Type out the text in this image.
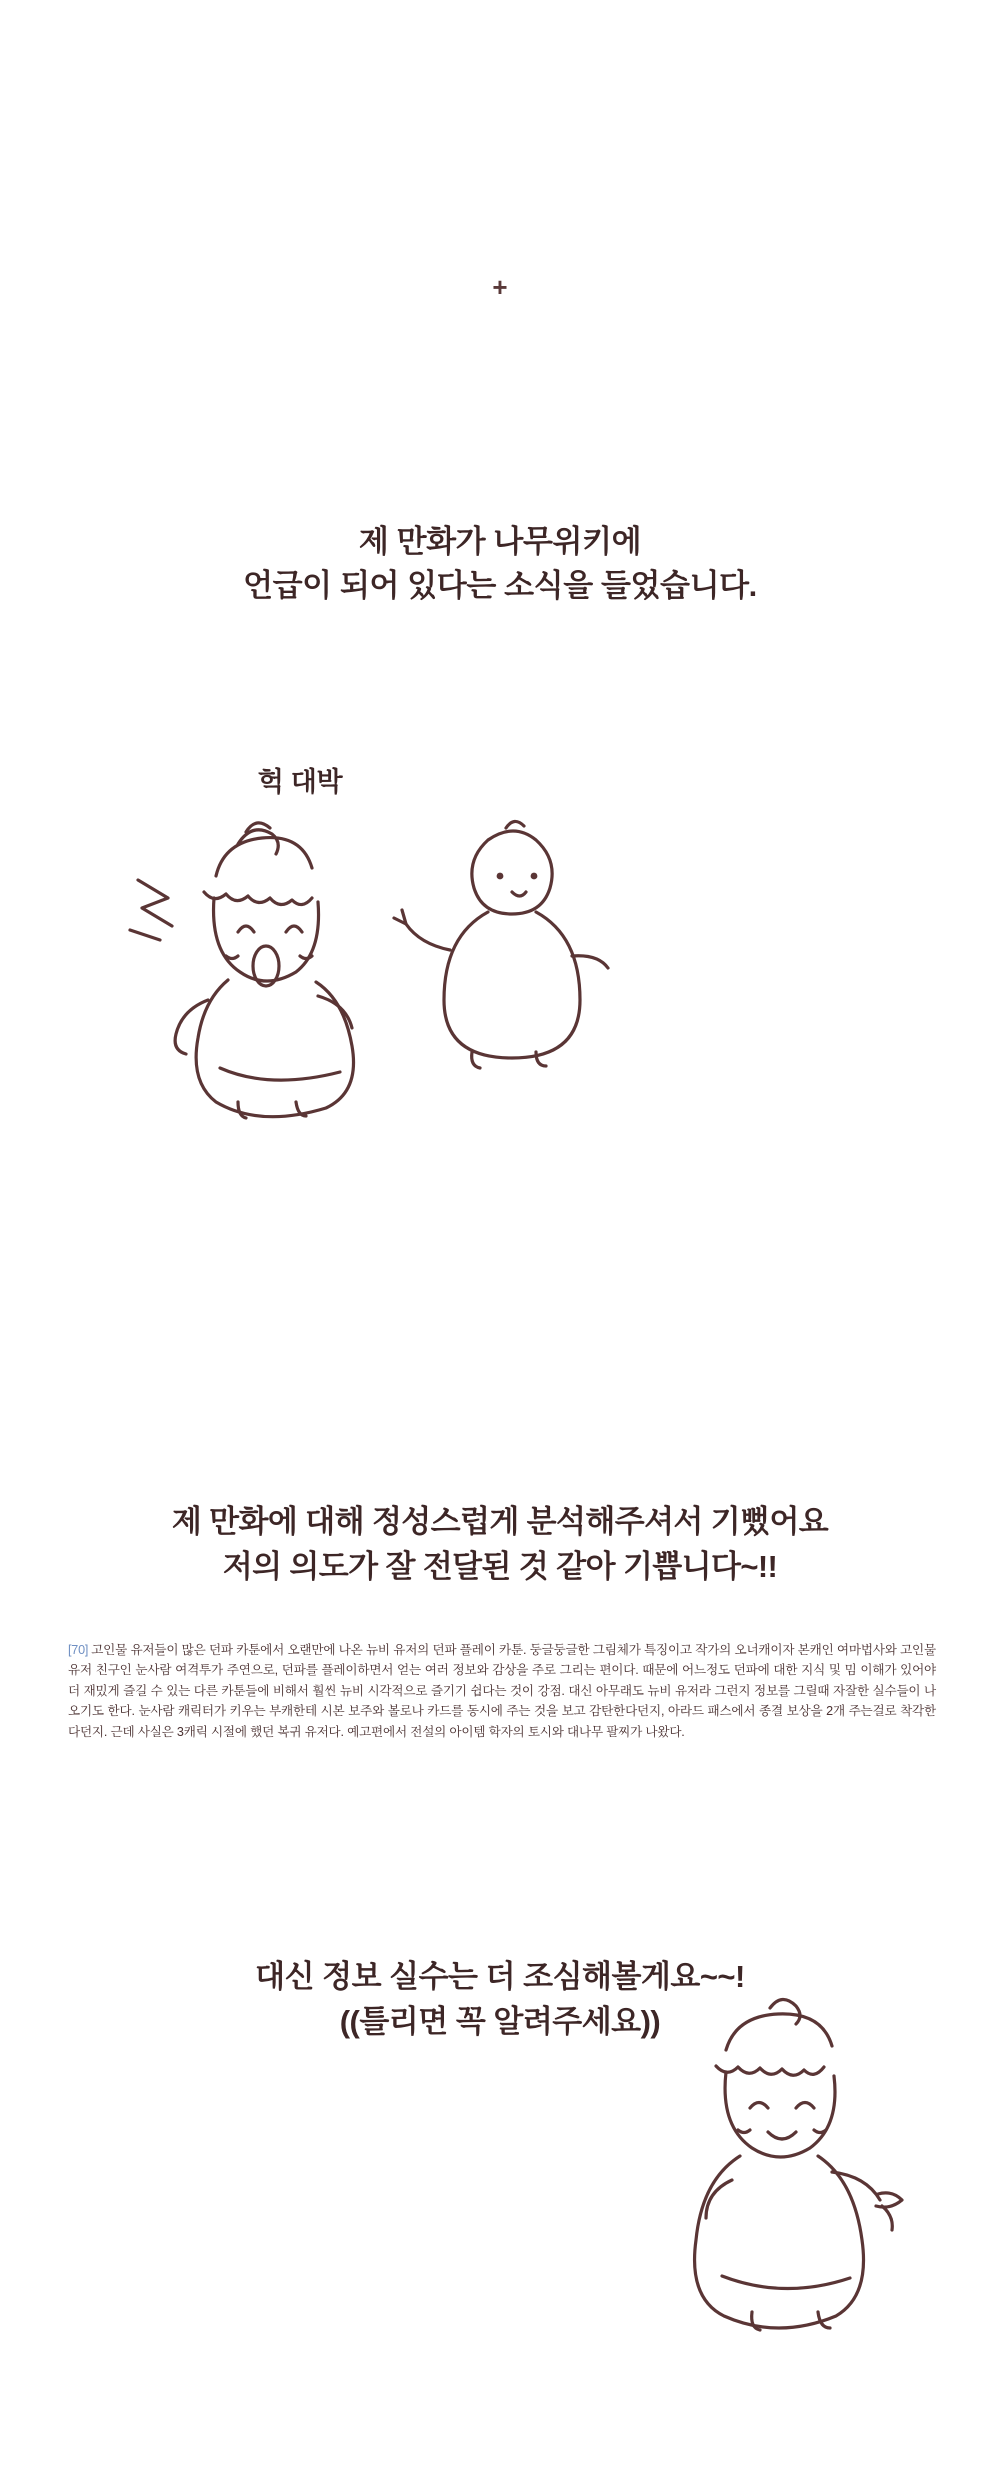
+
제 만화가 나무위키에
언급이 되어 있다는 소식을 들었습니다.
헉 대박
제 만화에 대해 정성스럽게 분석해주셔서 기뻤어요
저의 의도가 잘 전달된 것 같아 기쁩니다~!!
[70] 고인물 유저들이 많은 던파 카툰에서 오랜만에 나온 뉴비 유저의 던파 플레이 카툰. 둥글둥글한 그림체가 특징이고 작가의 오너캐이자 본캐인 여마법사와 고인물 유저 친구인 눈사람 여격투가 주연으로, 던파를 플레이하면서 얻는 여러 정보와 감상을 주로 그리는 편이다. 때문에 어느정도 던파에 대한 지식 및 밈 이해가 있어야 더 재밌게 즐길 수 있는 다른 카툰들에 비해서 훨씬 뉴비 시각적으로 즐기기 쉽다는 것이 강점. 대신 아무래도 뉴비 유저라 그런지 정보를 그릴때 자잘한 실수들이 나오기도 한다. 눈사람 캐릭터가 키우는 부캐한테 시본 보주와 볼로나 카드를 동시에 주는 것을 보고 감탄한다던지, 아라드 패스에서 종결 보상을 2개 주는걸로 착각한다던지. 근데 사실은 3캐릭 시절에 했던 복귀 유저다. 예고편에서 전설의 아이템 학자의 토시와 대나무 팔찌가 나왔다.
대신 정보 실수는 더 조심해볼게요~~!
((틀리면 꼭 알려주세요))
